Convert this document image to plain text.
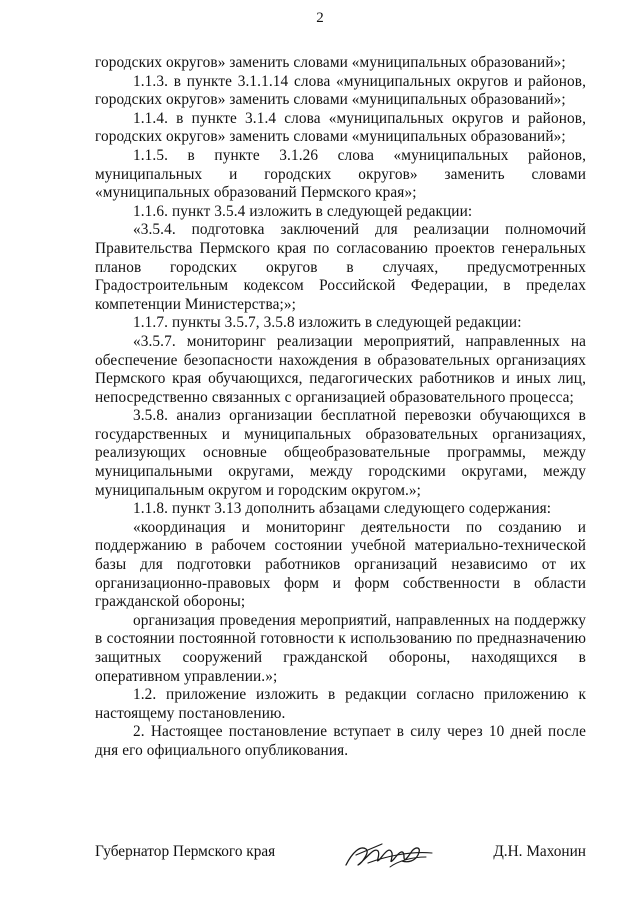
2

городских округов» заменить словами «муниципальных образований»;

1.1.3. в пункте 3.1.1.14 слова «муниципальных округов и районов, городских округов» заменить словами «муниципальных образований»;

1.1.4. в пункте 3.1.4 слова «муниципальных округов и районов, городских округов» заменить словами «муниципальных образований»;

1.1.5. в пункте 3.1.26 слова «муниципальных районов, муниципальных и городских округов» заменить словами «муниципальных образований Пермского края»;

1.1.6. пункт 3.5.4 изложить в следующей редакции:

«3.5.4. подготовка заключений для реализации полномочий Правительства Пермского края по согласованию проектов генеральных планов городских округов в случаях, предусмотренных Градостроительным кодексом Российской Федерации, в пределах компетенции Министерства;»;

1.1.7. пункты 3.5.7, 3.5.8 изложить в следующей редакции:

«3.5.7. мониторинг реализации мероприятий, направленных на обеспечение безопасности нахождения в образовательных организациях Пермского края обучающихся, педагогических работников и иных лиц, непосредственно связанных с организацией образовательного процесса;

3.5.8. анализ организации бесплатной перевозки обучающихся в государственных и муниципальных образовательных организациях, реализующих основные общеобразовательные программы, между муниципальными округами, между городскими округами, между муниципальным округом и городским округом.»;

1.1.8. пункт 3.13 дополнить абзацами следующего содержания:

«координация и мониторинг деятельности по созданию и поддержанию в рабочем состоянии учебной материально-технической базы для подготовки работников организаций независимо от их организационно-правовых форм и форм собственности в области гражданской обороны;

организация проведения мероприятий, направленных на поддержку в состоянии постоянной готовности к использованию по предназначению защитных сооружений гражданской обороны, находящихся в оперативном управлении.»;

1.2. приложение изложить в редакции согласно приложению к настоящему постановлению.

2. Настоящее постановление вступает в силу через 10 дней после дня его официального опубликования.

Губернатор Пермского края	Д.Н. Махонин
